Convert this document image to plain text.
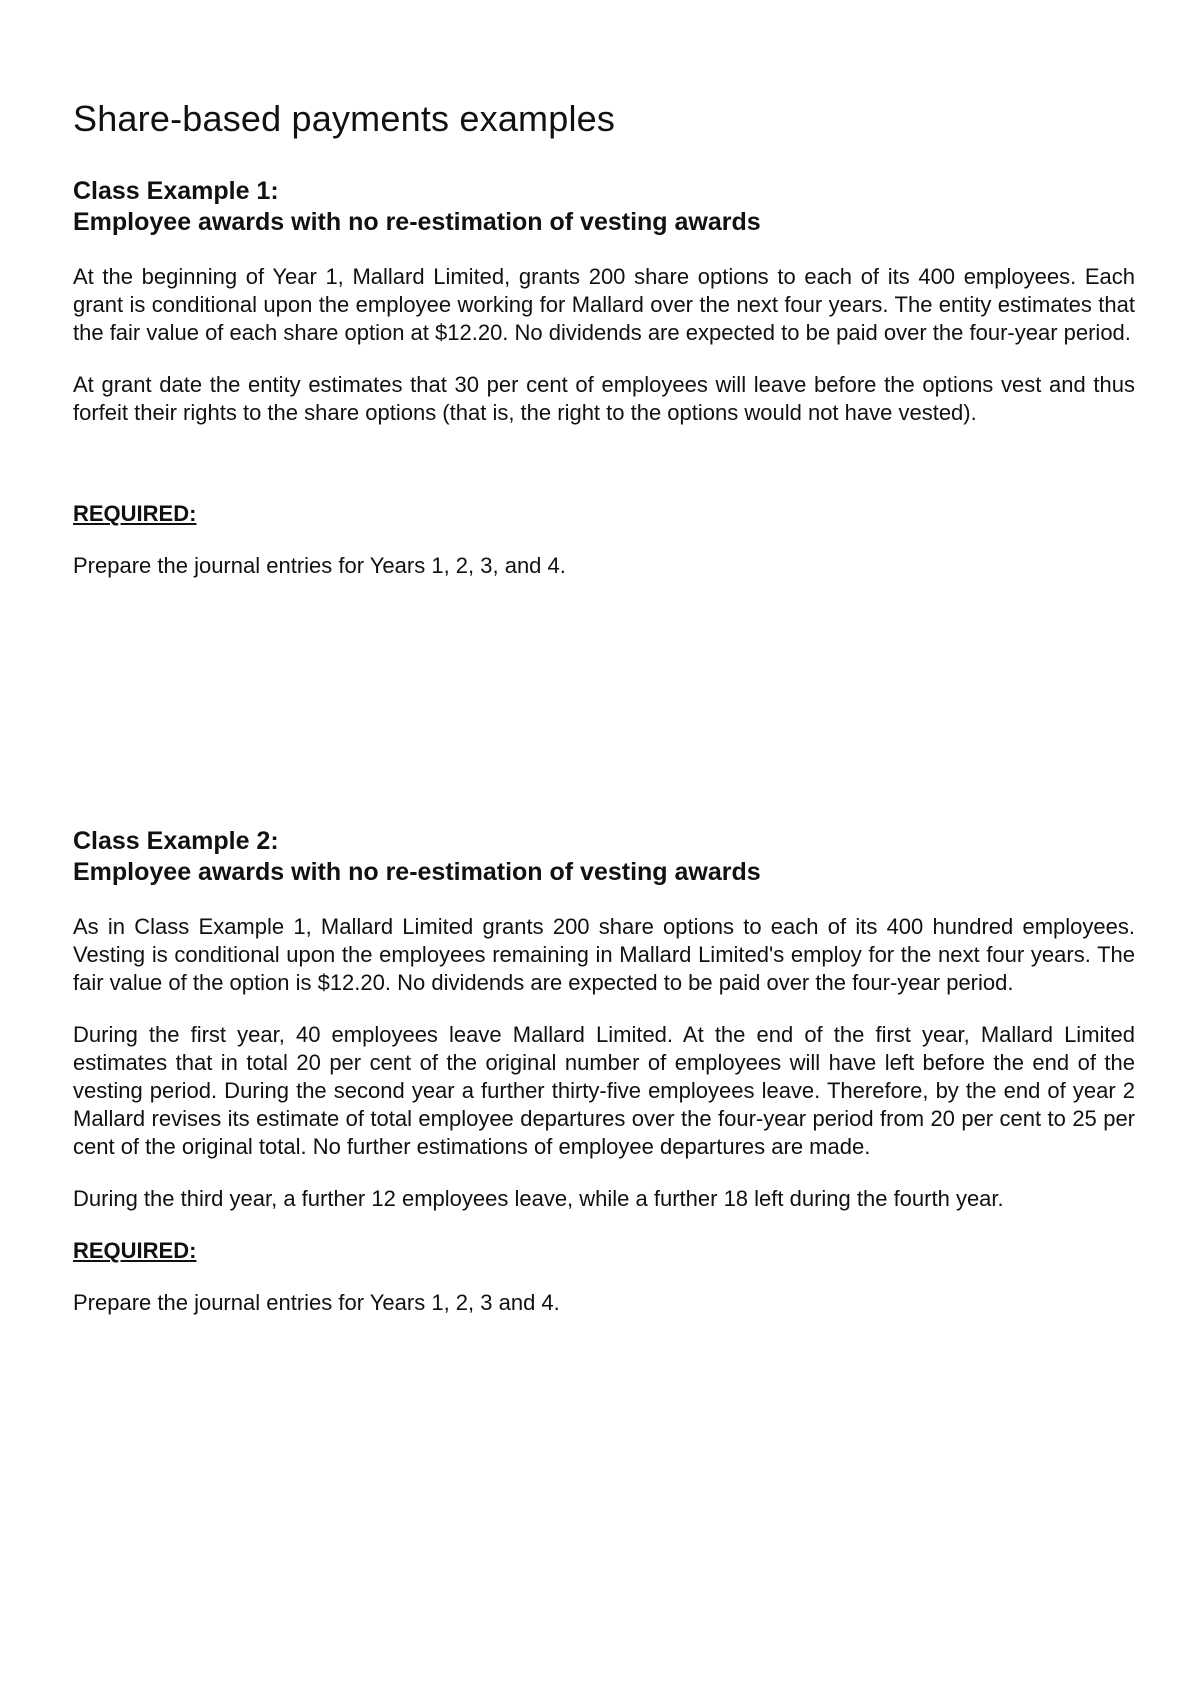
Share-based payments examples

Class Example 1:

Employee awards with no re-estimation of vesting awards

At the beginning of Year 1, Mallard Limited, grants 200 share options to each of its 400 employees. Each grant is conditional upon the employee working for Mallard over the next four years. The entity estimates that the fair value of each share option at $12.20. No dividends are expected to be paid over the four-year period.

At grant date the entity estimates that 30 per cent of employees will leave before the options vest and thus forfeit their rights to the share options (that is, the right to the options would not have vested).

REQUIRED:

Prepare the journal entries for Years 1, 2, 3, and 4.

Class Example 2:

Employee awards with no re-estimation of vesting awards

As in Class Example 1, Mallard Limited grants 200 share options to each of its 400 hundred employees. Vesting is conditional upon the employees remaining in Mallard Limited's employ for the next four years. The fair value of the option is $12.20. No dividends are expected to be paid over the four-year period.

During the first year, 40 employees leave Mallard Limited. At the end of the first year, Mallard Limited estimates that in total 20 per cent of the original number of employees will have left before the end of the vesting period. During the second year a further thirty-five employees leave. Therefore, by the end of year 2 Mallard revises its estimate of total employee departures over the four-year period from 20 per cent to 25 per cent of the original total. No further estimations of employee departures are made.

During the third year, a further 12 employees leave, while a further 18 left during the fourth year.

REQUIRED:

Prepare the journal entries for Years 1, 2, 3 and 4.
